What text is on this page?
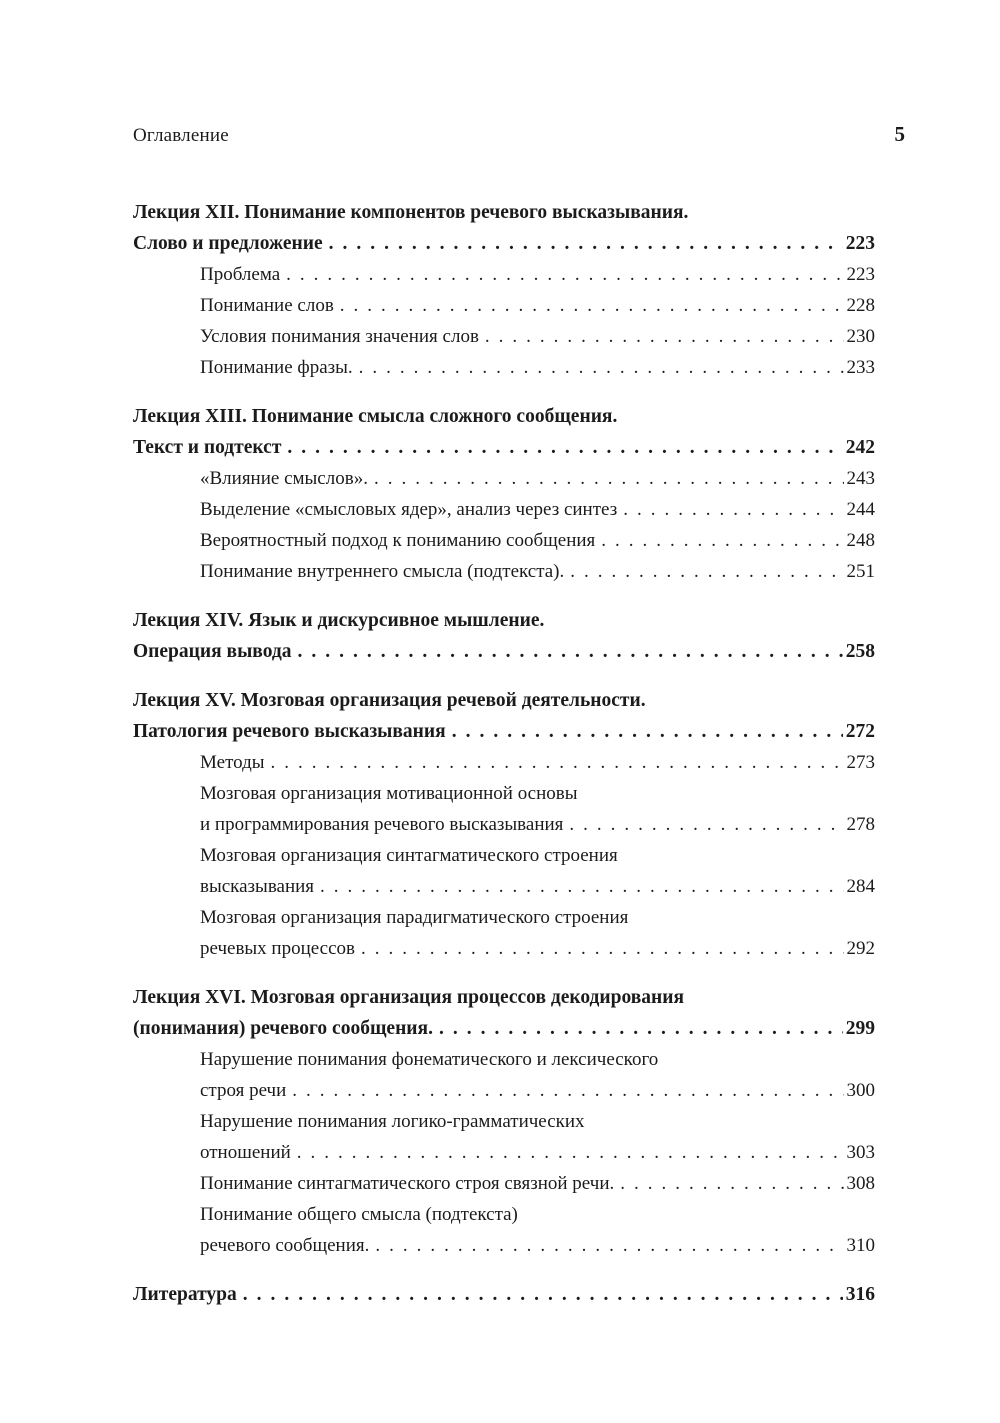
Оглавление	5
Лекция XII. Понимание компонентов речевого высказывания.
Слово и предложение .....	223
Проблема .....	223
Понимание слов .....	228
Условия понимания значения слов .....	230
Понимание фразы. .....	233
Лекция XIII. Понимание смысла сложного сообщения.
Текст и подтекст .....	242
«Влияние смыслов». .....	243
Выделение «смысловых ядер», анализ через синтез .....	244
Вероятностный подход к пониманию сообщения .....	248
Понимание внутреннего смысла (подтекста). .....	251
Лекция XIV. Язык и дискурсивное мышление.
Операция вывода .....	258
Лекция XV. Мозговая организация речевой деятельности.
Патология речевого высказывания .....	272
Методы .....	273
Мозговая организация мотивационной основы
и программирования речевого высказывания .....	278
Мозговая организация синтагматического строения
высказывания .....	284
Мозговая организация парадигматического строения
речевых процессов .....	292
Лекция XVI. Мозговая организация процессов декодирования
(понимания) речевого сообщения. .....	299
Нарушение понимания фонематического и лексического
строя речи .....	300
Нарушение понимания логико-грамматических
отношений .....	303
Понимание синтагматического строя связной речи. .....	308
Понимание общего смысла (подтекста)
речевого сообщения. .....	310
Литература .....	316
